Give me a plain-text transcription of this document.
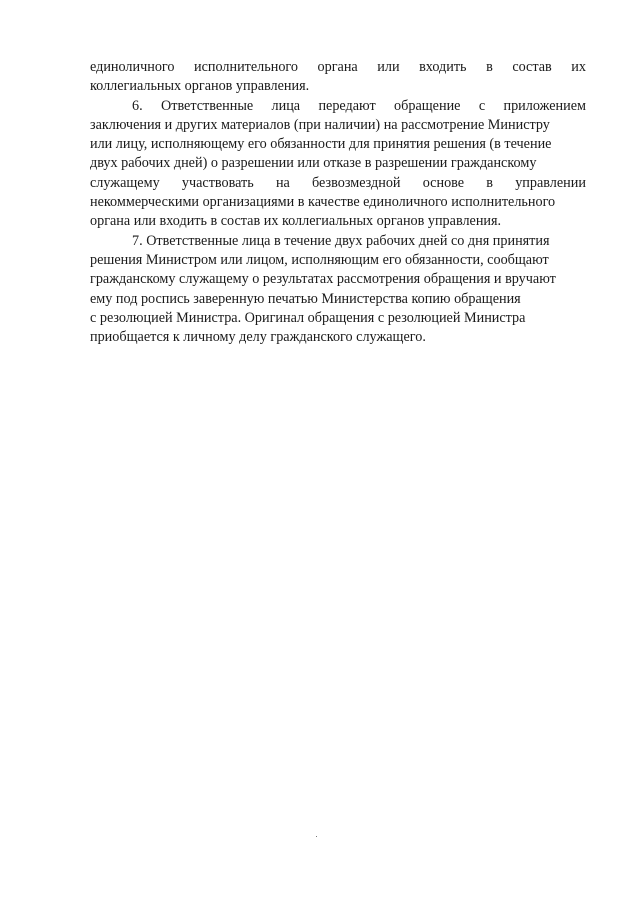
единоличного исполнительного органа или входить в состав их
коллегиальных органов управления.
6. Ответственные лица передают обращение с приложением
заключения и других материалов (при наличии) на рассмотрение Министру
или лицу, исполняющему его обязанности для принятия решения (в течение
двух рабочих дней) о разрешении или отказе в разрешении гражданскому
служащему участвовать на безвозмездной основе в управлении
некоммерческими организациями в качестве единоличного исполнительного
органа или входить в состав их коллегиальных органов управления.
7. Ответственные лица в течение двух рабочих дней со дня принятия
решения Министром или лицом, исполняющим его обязанности, сообщают
гражданскому служащему о результатах рассмотрения обращения и вручают
ему под роспись заверенную печатью Министерства копию обращения
с резолюцией Министра. Оригинал обращения с резолюцией Министра
приобщается к личному делу гражданского служащего.
